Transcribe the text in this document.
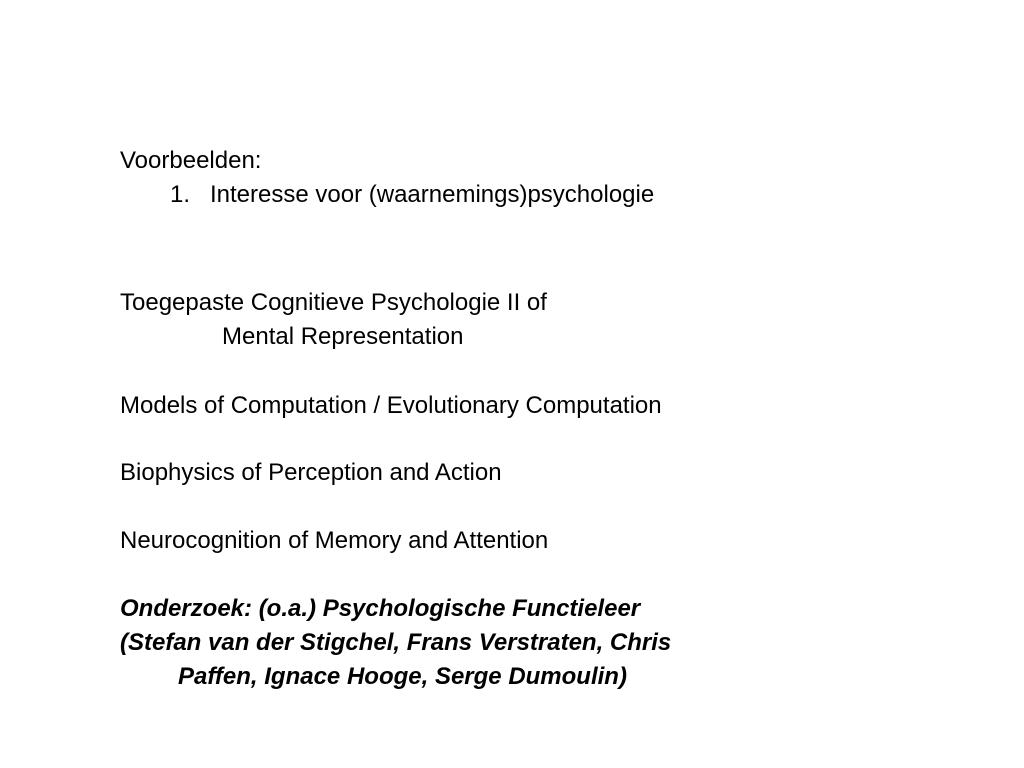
Voorbeelden:
1. Interesse voor (waarnemings)psychologie
Toegepaste Cognitieve Psychologie II of
Mental Representation
Models of Computation / Evolutionary Computation
Biophysics of Perception and Action
Neurocognition of Memory and Attention
Onderzoek: (o.a.) Psychologische Functieleer
(Stefan van der Stigchel, Frans Verstraten, Chris
Paffen, Ignace Hooge, Serge Dumoulin)
